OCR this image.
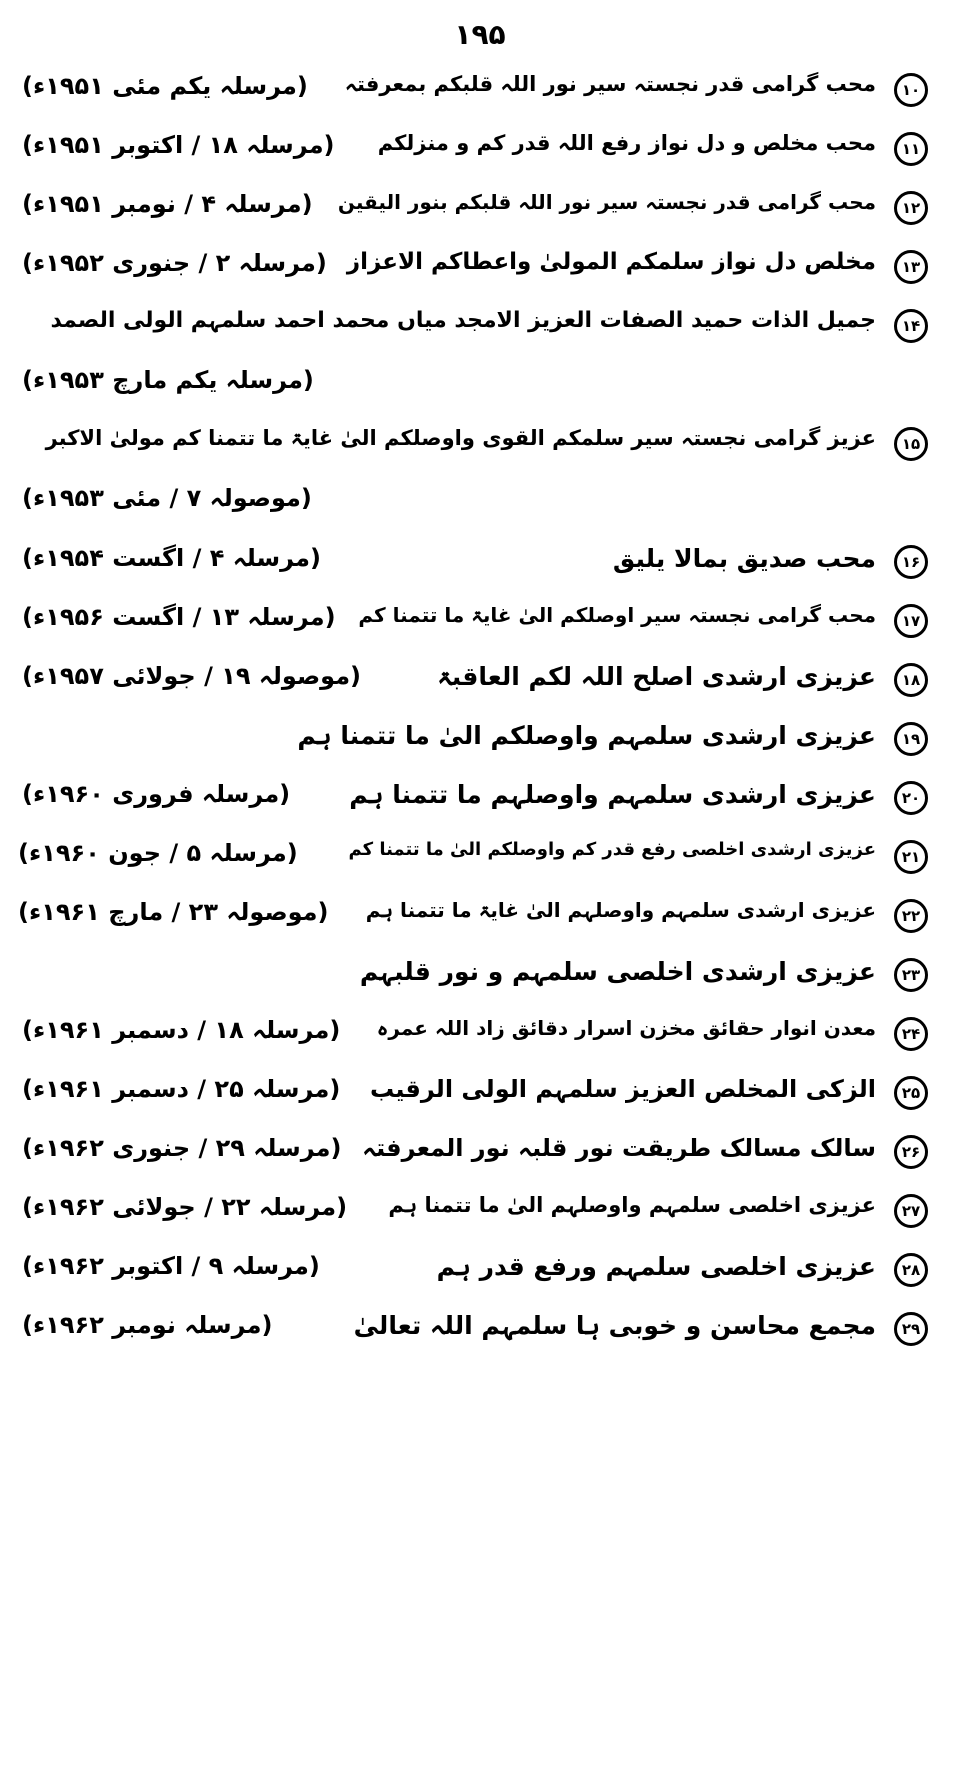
۱۹۵
۱۰
محب گرامی قدر نجستہ سیر نور اللہ قلبکم بمعرفتہ
(مرسلہ یکم مئی ۱۹۵۱ء)
۱۱
محب مخلص و دل نواز رفع اللہ قدر کم و منزلکم
(مرسلہ ۱۸ / اکتوبر ۱۹۵۱ء)
۱۲
محب گرامی قدر نجستہ سیر نور اللہ قلبکم بنور الیقین
(مرسلہ ۴ / نومبر ۱۹۵۱ء)
۱۳
مخلص دل نواز سلمکم المولیٰ واعطاکم الاعزاز
(مرسلہ ۲ / جنوری ۱۹۵۲ء)
۱۴
جمیل الذات حمید الصفات العزیز الامجد میاں محمد احمد سلمہم الولی الصمد
(مرسلہ یکم مارچ ۱۹۵۳ء)
۱۵
عزیز گرامی نجستہ سیر سلمکم القوی واوصلکم الیٰ غایۃ ما تتمنا کم مولیٰ الاکبر
(موصولہ ۷ / مئی ۱۹۵۳ء)
۱۶
محب صدیق بمالا یلیق
(مرسلہ ۴ / اگست ۱۹۵۴ء)
۱۷
محب گرامی نجستہ سیر اوصلکم الیٰ غایۃ ما تتمنا کم
(مرسلہ ۱۳ / اگست ۱۹۵۶ء)
۱۸
عزیزی ارشدی اصلح اللہ لکم العاقبۃ
(موصولہ ۱۹ / جولائی ۱۹۵۷ء)
۱۹
عزیزی ارشدی سلمہم واوصلکم الیٰ ما تتمنا ہم
۲۰
عزیزی ارشدی سلمہم واوصلہم ما تتمنا ہم
(مرسلہ فروری ۱۹۶۰ء)
۲۱
عزیزی ارشدی اخلصی رفع قدر کم واوصلکم الیٰ ما تتمنا کم
(مرسلہ ۵ / جون ۱۹۶۰ء)
۲۲
عزیزی ارشدی سلمہم واوصلہم الیٰ غایۃ ما تتمنا ہم
(موصولہ ۲۳ / مارچ ۱۹۶۱ء)
۲۳
عزیزی ارشدی اخلصی سلمہم و نور قلبہم
۲۴
معدن انوار حقائق مخزن اسرار دقائق زاد اللہ عمرہ
(مرسلہ ۱۸ / دسمبر ۱۹۶۱ء)
۲۵
الزکی المخلص العزیز سلمہم الولی الرقیب
(مرسلہ ۲۵ / دسمبر ۱۹۶۱ء)
۲۶
سالک مسالک طریقت نور قلبہ نور المعرفتہ
(مرسلہ ۲۹ / جنوری ۱۹۶۲ء)
۲۷
عزیزی اخلصی سلمہم واوصلہم الیٰ ما تتمنا ہم
(مرسلہ ۲۲ / جولائی ۱۹۶۲ء)
۲۸
عزیزی اخلصی سلمہم ورفع قدر ہم
(مرسلہ ۹ / اکتوبر ۱۹۶۲ء)
۲۹
مجمع محاسن و خوبی ہا سلمہم اللہ تعالیٰ
(مرسلہ نومبر ۱۹۶۲ء)
